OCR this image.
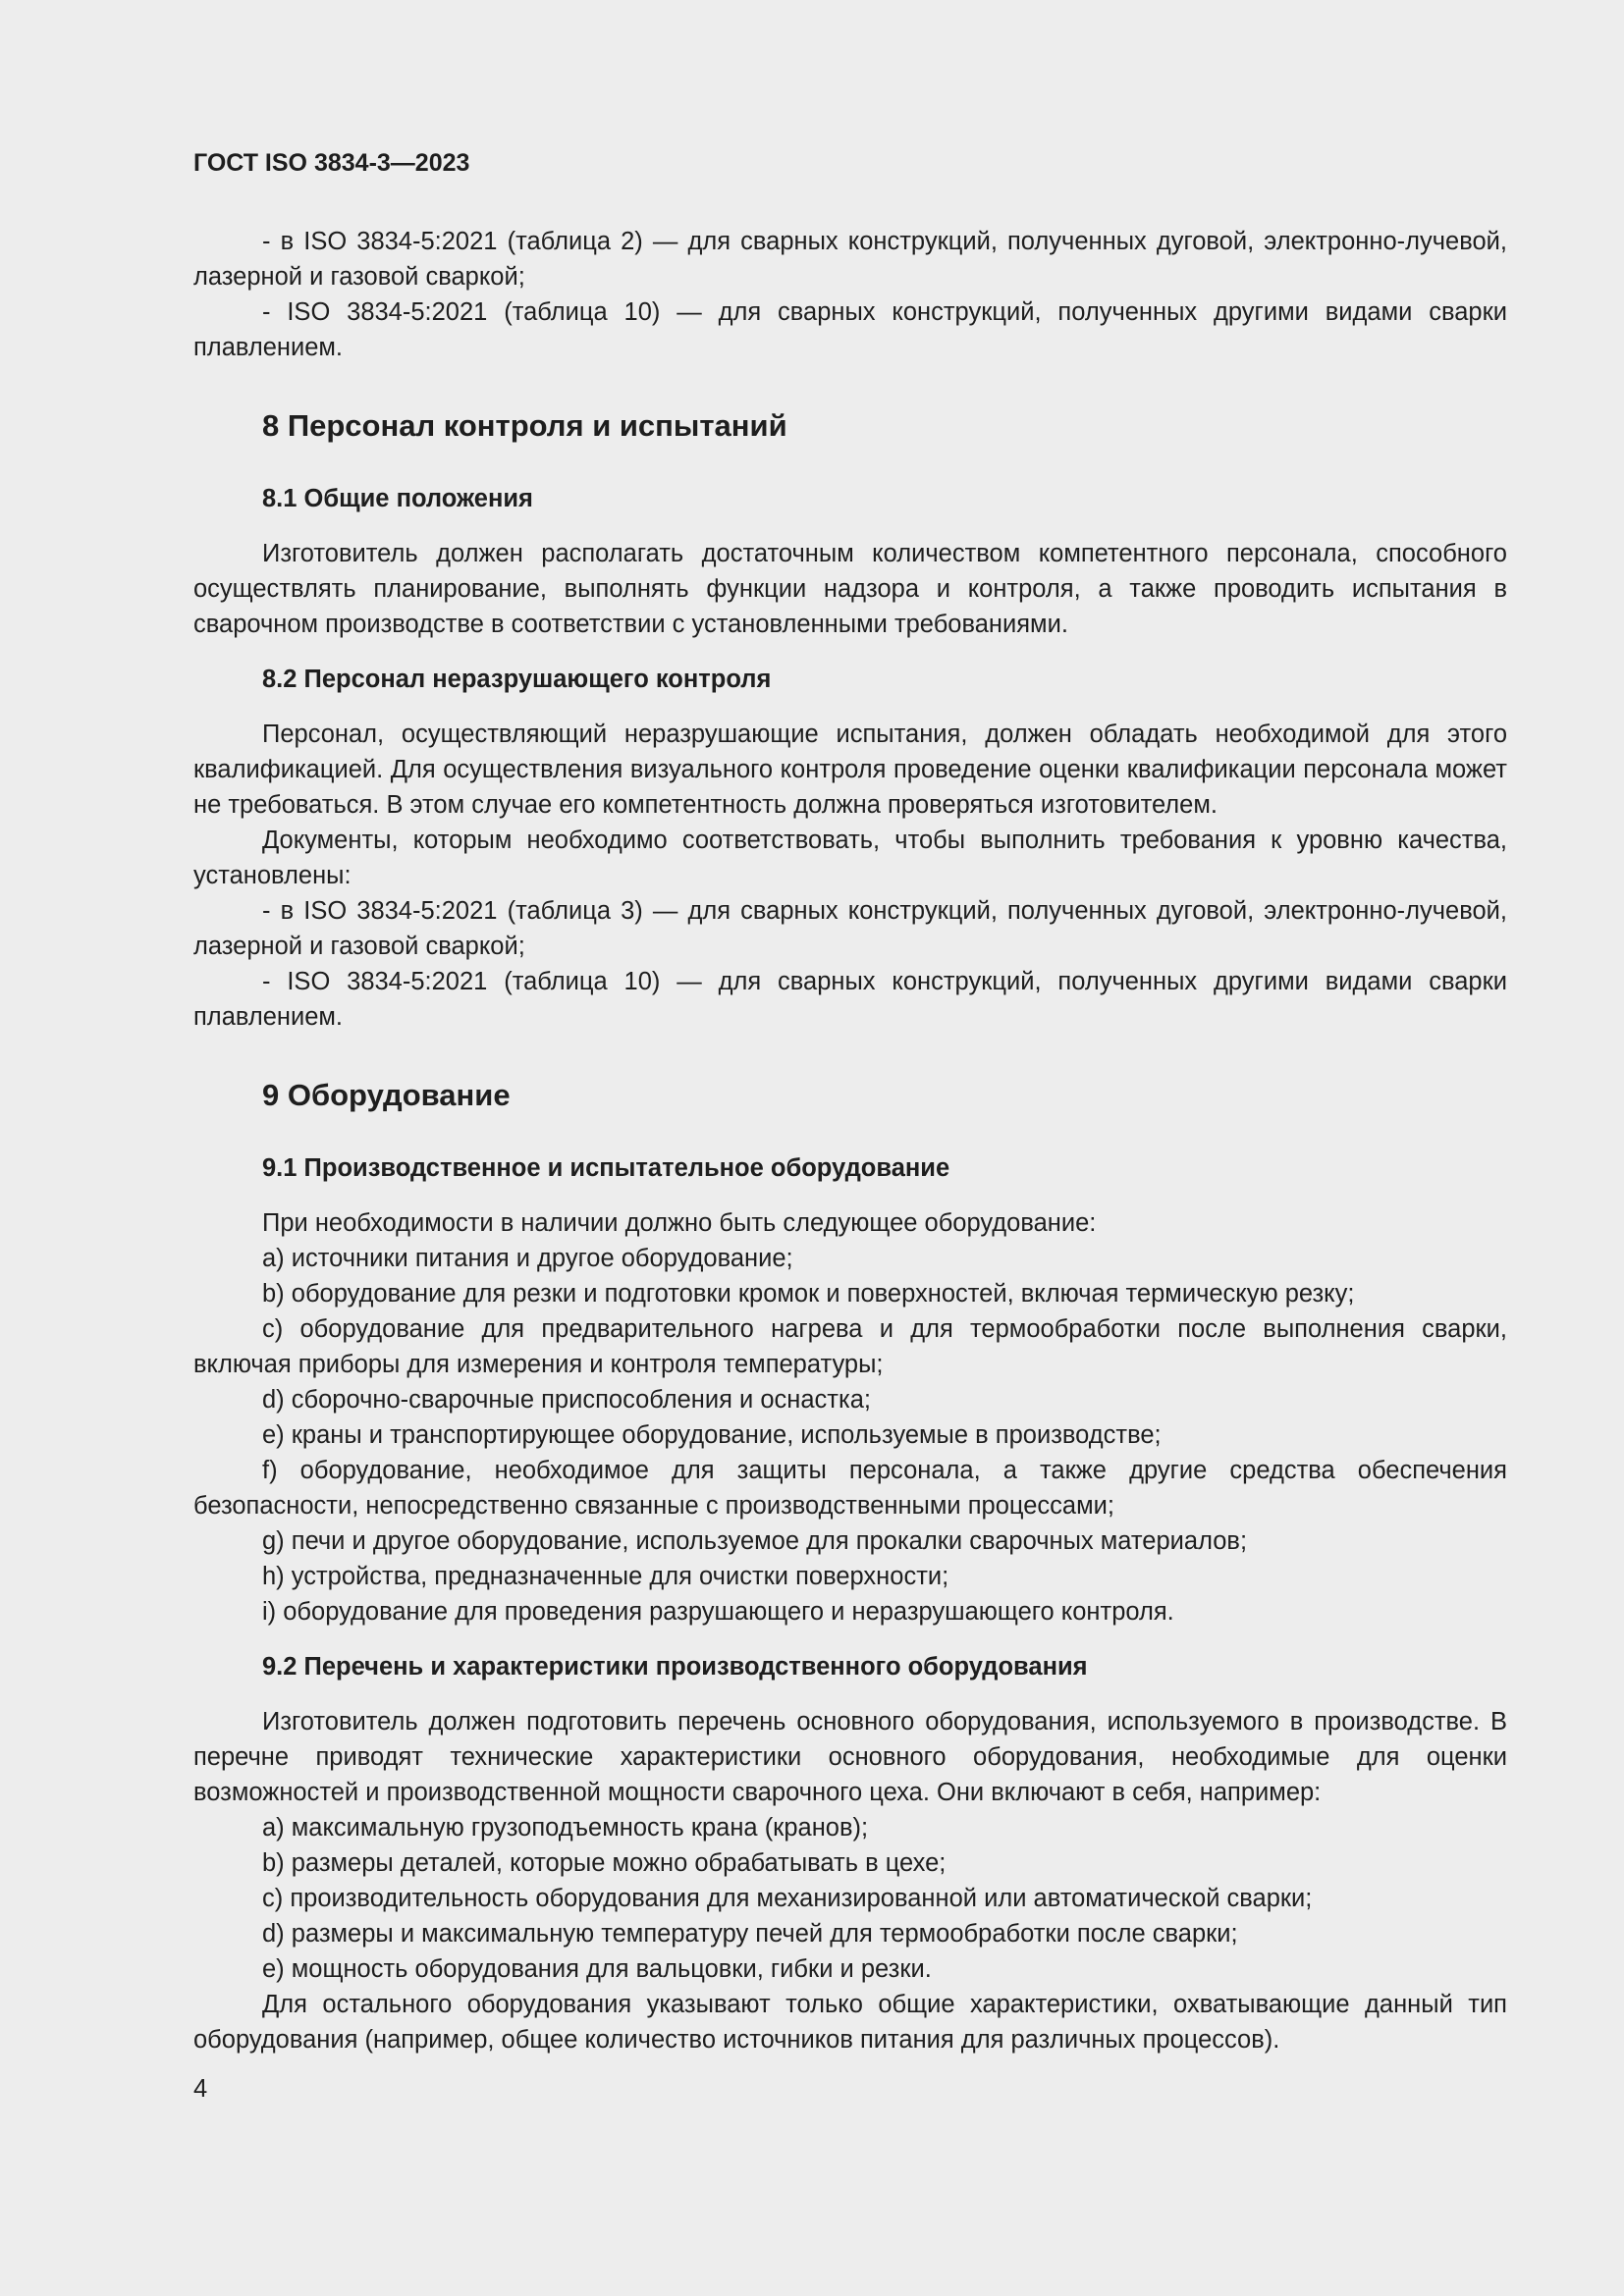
ГОСТ ISO 3834-3—2023

- в ISO 3834-5:2021 (таблица 2) — для сварных конструкций, полученных дуговой, электронно-лучевой, лазерной и газовой сваркой;

- ISO 3834-5:2021 (таблица 10) — для сварных конструкций, полученных другими видами сварки плавлением.

8 Персонал контроля и испытаний
8.1 Общие положения

Изготовитель должен располагать достаточным количеством компетентного персонала, способного осуществлять планирование, выполнять функции надзора и контроля, а также проводить испытания в сварочном производстве в соответствии с установленными требованиями.

8.2 Персонал неразрушающего контроля

Персонал, осуществляющий неразрушающие испытания, должен обладать необходимой для этого квалификацией. Для осуществления визуального контроля проведение оценки квалификации персонала может не требоваться. В этом случае его компетентность должна проверяться изготовителем.

Документы, которым необходимо соответствовать, чтобы выполнить требования к уровню качества, установлены:

- в ISO 3834-5:2021 (таблица 3) — для сварных конструкций, полученных дуговой, электронно-лучевой, лазерной и газовой сваркой;

- ISO 3834-5:2021 (таблица 10) — для сварных конструкций, полученных другими видами сварки плавлением.

9 Оборудование
9.1 Производственное и испытательное оборудование

При необходимости в наличии должно быть следующее оборудование:

a) источники питания и другое оборудование;

b) оборудование для резки и подготовки кромок и поверхностей, включая термическую резку;

c) оборудование для предварительного нагрева и для термообработки после выполнения сварки, включая приборы для измерения и контроля температуры;

d) сборочно-сварочные приспособления и оснастка;

e) краны и транспортирующее оборудование, используемые в производстве;

f) оборудование, необходимое для защиты персонала, а также другие средства обеспечения безопасности, непосредственно связанные с производственными процессами;

g) печи и другое оборудование, используемое для прокалки сварочных материалов;

h) устройства, предназначенные для очистки поверхности;

i) оборудование для проведения разрушающего и неразрушающего контроля.

9.2 Перечень и характеристики производственного оборудования

Изготовитель должен подготовить перечень основного оборудования, используемого в производстве. В перечне приводят технические характеристики основного оборудования, необходимые для оценки возможностей и производственной мощности сварочного цеха. Они включают в себя, например:

a) максимальную грузоподъемность крана (кранов);

b) размеры деталей, которые можно обрабатывать в цехе;

c) производительность оборудования для механизированной или автоматической сварки;

d) размеры и максимальную температуру печей для термообработки после сварки;

e) мощность оборудования для вальцовки, гибки и резки.

Для остального оборудования указывают только общие характеристики, охватывающие данный тип оборудования (например, общее количество источников питания для различных процессов).

4
